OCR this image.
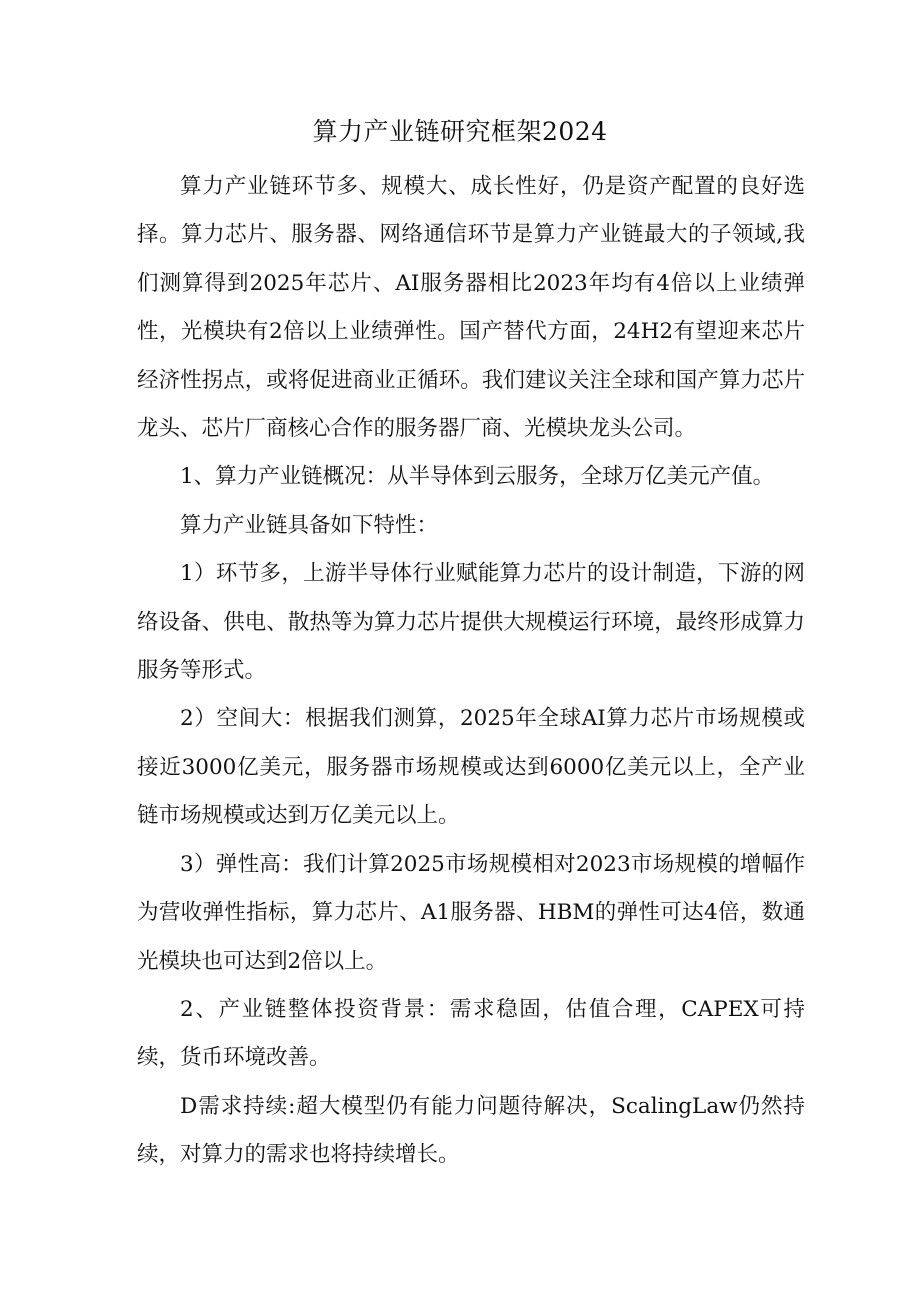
算力产业链研究框架2024

算力产业链环节多、规模大、成长性好，仍是资产配置的良好选择。算力芯片、服务器、网络通信环节是算力产业链最大的子领域,我们测算得到2025年芯片、AI服务器相比2023年均有4倍以上业绩弹性，光模块有2倍以上业绩弹性。国产替代方面，24H2有望迎来芯片经济性拐点，或将促进商业正循环。我们建议关注全球和国产算力芯片龙头、芯片厂商核心合作的服务器厂商、光模块龙头公司。

1、算力产业链概况：从半导体到云服务，全球万亿美元产值。

算力产业链具备如下特性：

1）环节多，上游半导体行业赋能算力芯片的设计制造，下游的网络设备、供电、散热等为算力芯片提供大规模运行环境，最终形成算力服务等形式。

2）空间大：根据我们测算，2025年全球AI算力芯片市场规模或接近3000亿美元，服务器市场规模或达到6000亿美元以上，全产业链市场规模或达到万亿美元以上。

3）弹性高：我们计算2025市场规模相对2023市场规模的增幅作为营收弹性指标，算力芯片、A1服务器、HBM的弹性可达4倍，数通光模块也可达到2倍以上。

2、产业链整体投资背景：需求稳固，估值合理，CAPEX可持续，货币环境改善。

D需求持续:超大模型仍有能力问题待解决，ScalingLaw仍然持续，对算力的需求也将持续增长。
